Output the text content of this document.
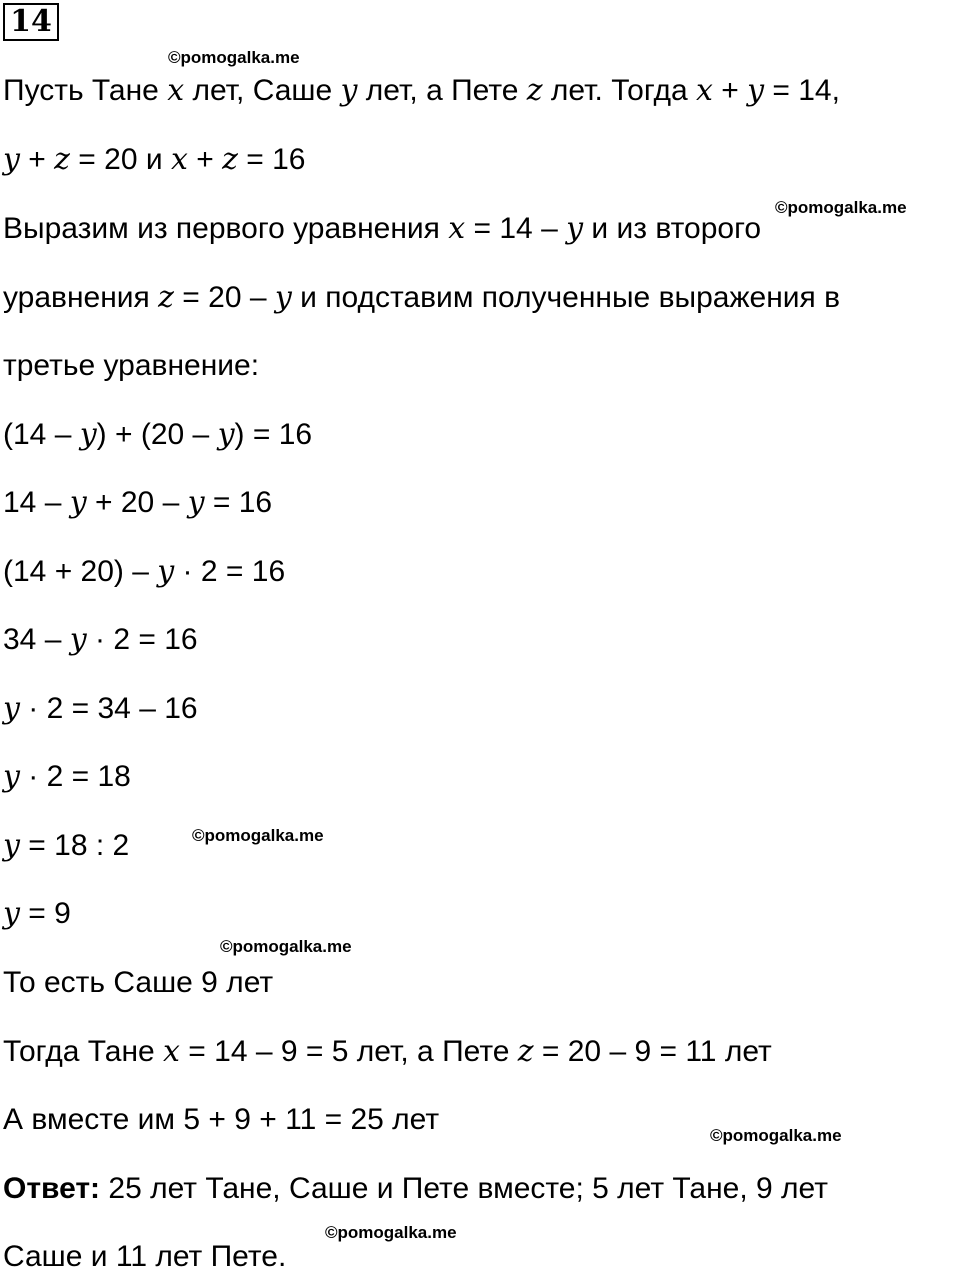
14
Пусть Тане x лет, Саше y лет, а Пете z лет. Тогда x + y = 14,
y + z = 20 и x + z = 16
Выразим из первого уравнения x = 14 – y и из второго
уравнения z = 20 – y и подставим полученные выражения в
третье уравнение:
(14 – y) + (20 – y) = 16
14 – y + 20 – y = 16
(14 + 20) – y · 2 = 16
34 – y · 2 = 16
y · 2 = 34 – 16
y · 2 = 18
y = 18 : 2
y = 9
То есть Саше 9 лет
Тогда Тане x = 14 – 9 = 5 лет, а Пете z = 20 – 9 = 11 лет
А вместе им 5 + 9 + 11 = 25 лет
Ответ: 25 лет Тане, Саше и Пете вместе; 5 лет Тане, 9 лет
Саше и 11 лет Пете.
©pomogalka.me
©pomogalka.me
©pomogalka.me
©pomogalka.me
©pomogalka.me
©pomogalka.me
